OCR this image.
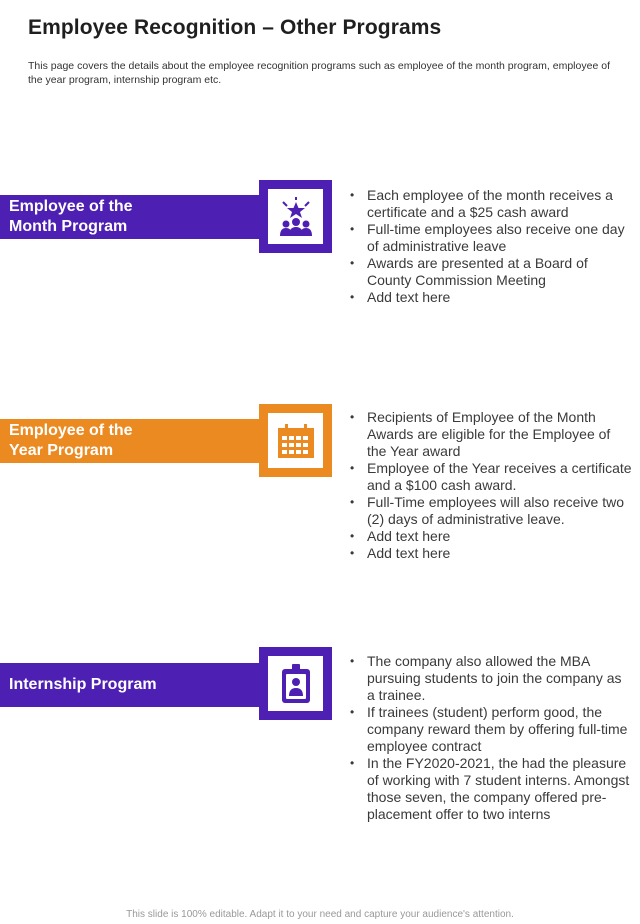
Employee Recognition – Other Programs
This page covers the details about the employee recognition programs such as employee of the month program, employee of the year program, internship program etc.
Employee of the
Month Program
• Each employee of the month receives a certificate and a $25 cash award
• Full-time employees also receive one day of administrative leave
• Awards are presented at a Board of County Commission Meeting
• Add text here
Employee of the
Year Program
• Recipients of Employee of the Month Awards are eligible for the Employee of the Year award
• Employee of the Year receives a certificate and a $100 cash award.
• Full-Time employees will also receive two (2) days of administrative leave.
• Add text here
• Add text here
Internship Program
• The company also allowed the MBA pursuing students to join the company as a trainee.
• If trainees (student) perform good, the company reward them by offering full-time employee contract
• In the FY2020-2021, the had the pleasure of working with 7 student interns. Amongst those seven, the company offered pre-placement offer to two interns
This slide is 100% editable. Adapt it to your need and capture your audience's attention.
